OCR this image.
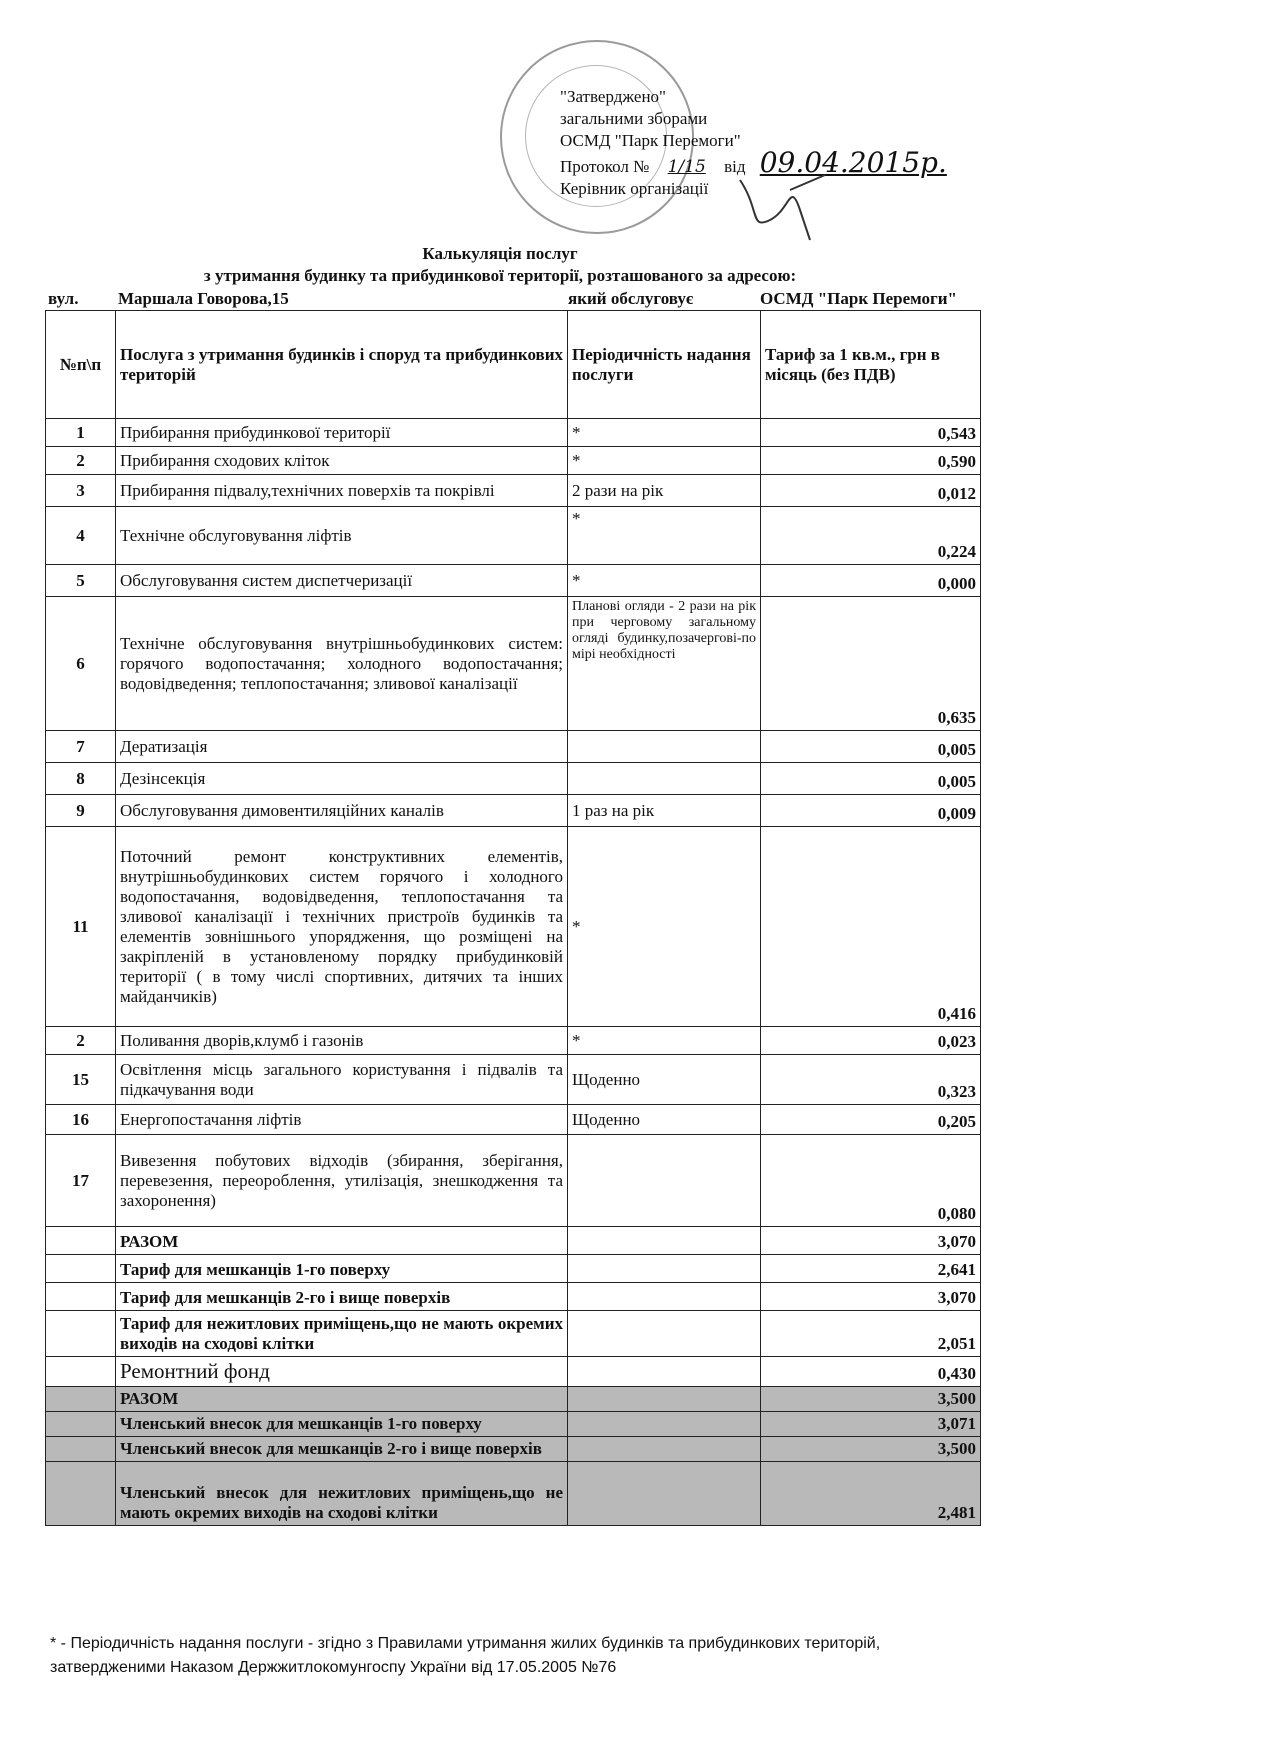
"Затверджено"
загальними зборами
ОСМД "Парк Перемоги"
Протокол № 1/15 від 09.04.2015р.
Керівник організації
Калькуляція послуг
з утримання будинку та прибудинкової території, розташованого за адресою:
вул. Маршала Говорова,15	який обслуговує	ОСМД "Парк Перемоги"
№п\п	Послуга з утримання будинків і споруд та прибудинкових територій	Періодичність надання послуги	Тариф за 1 кв.м., грн в місяць (без ПДВ)
1	Прибирання прибудинкової території	*	0,543
2	Прибирання сходових кліток	*	0,590
3	Прибирання підвалу,технічних поверхів та покрівлі	2 рази на рік	0,012
4	Технічне обслуговування ліфтів	*	0,224
5	Обслуговування систем диспетчеризації	*	0,000
6	Технічне обслуговування внутрішньобудинкових систем: горячого водопостачання; холодного водопостачання; водовідведення; теплопостачання; зливової каналізації	Планові огляди - 2 рази на рік при черговому загальному огляді будинку,позачергові-по мірі необхідності	0,635
7	Дератизація		0,005
8	Дезінсекція		0,005
9	Обслуговування димовентиляційних каналів	1 раз на рік	0,009
11	Поточний ремонт конструктивних елементів, внутрішньобудинкових систем горячого і холодного водопостачання, водовідведення, теплопостачання та зливової каналізації і технічних пристроїв будинків та елементів зовнішнього упорядження, що розміщені на закріпленій в установленому порядку прибудинковій території ( в тому числі спортивних, дитячих та інших майданчиків)	*	0,416
2	Поливання дворів,клумб і газонів	*	0,023
15	Освітлення місць загального користування і підвалів та підкачування води	Щоденно	0,323
16	Енергопостачання ліфтів	Щоденно	0,205
17	Вивезення побутових відходів (збирання, зберігання, перевезення, переороблення, утилізація, знешкодження та захоронення)		0,080
	РАЗОМ		3,070
	Тариф для мешканців 1-го поверху		2,641
	Тариф для мешканців 2-го і вище поверхів		3,070
	Тариф для нежитлових приміщень,що не мають окремих виходів на сходові клітки		2,051
	Ремонтний фонд		0,430
	РАЗОМ		3,500
	Членський внесок для мешканців 1-го поверху		3,071
	Членський внесок для мешканців 2-го і вище поверхів		3,500
	Членський внесок для нежитлових приміщень,що не мають окремих виходів на сходові клітки		2,481
* - Періодичність надання послуги - згідно з Правилами утримання жилих будинків та прибудинкових територій,
затвердженими Наказом Держжитлокомунгоспу України від 17.05.2005 №76
